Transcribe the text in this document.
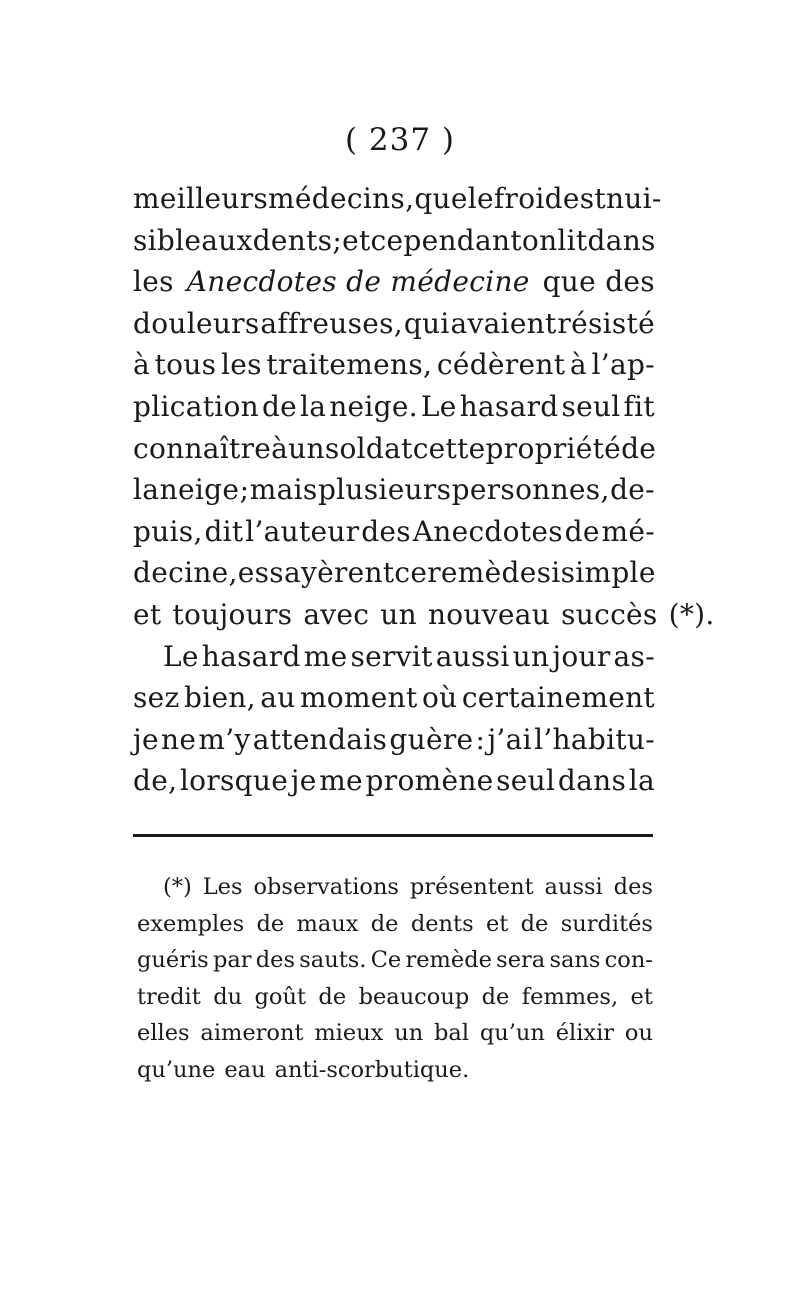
( 237 )
meilleurs médecins, que le froid est nui-
sible aux dents ; et cependant on lit dans
les Anecdotes de médecine que des
douleurs affreuses, qui avaient résisté
à tous les traitemens, cédèrent à l’ap-
plication de la neige. Le hasard seul fit
connaître à un soldat cette propriété de
la neige ; mais plusieurs personnes, de-
puis, dit l’auteur des Anecdotes de mé-
decine, essayèrent ce remède si simple
et toujours avec un nouveau succès (*).
Le hasard me servit aussi un jour as-
sez bien, au moment où certainement
je ne m’y attendais guère : j’ai l’habitu-
de, lorsque je me promène seul dans la
(*) Les observations présentent aussi des
exemples de maux de dents et de surdités
guéris par des sauts. Ce remède sera sans con-
tredit du goût de beaucoup de femmes, et
elles aimeront mieux un bal qu’un élixir ou
qu’une eau anti-scorbutique.
